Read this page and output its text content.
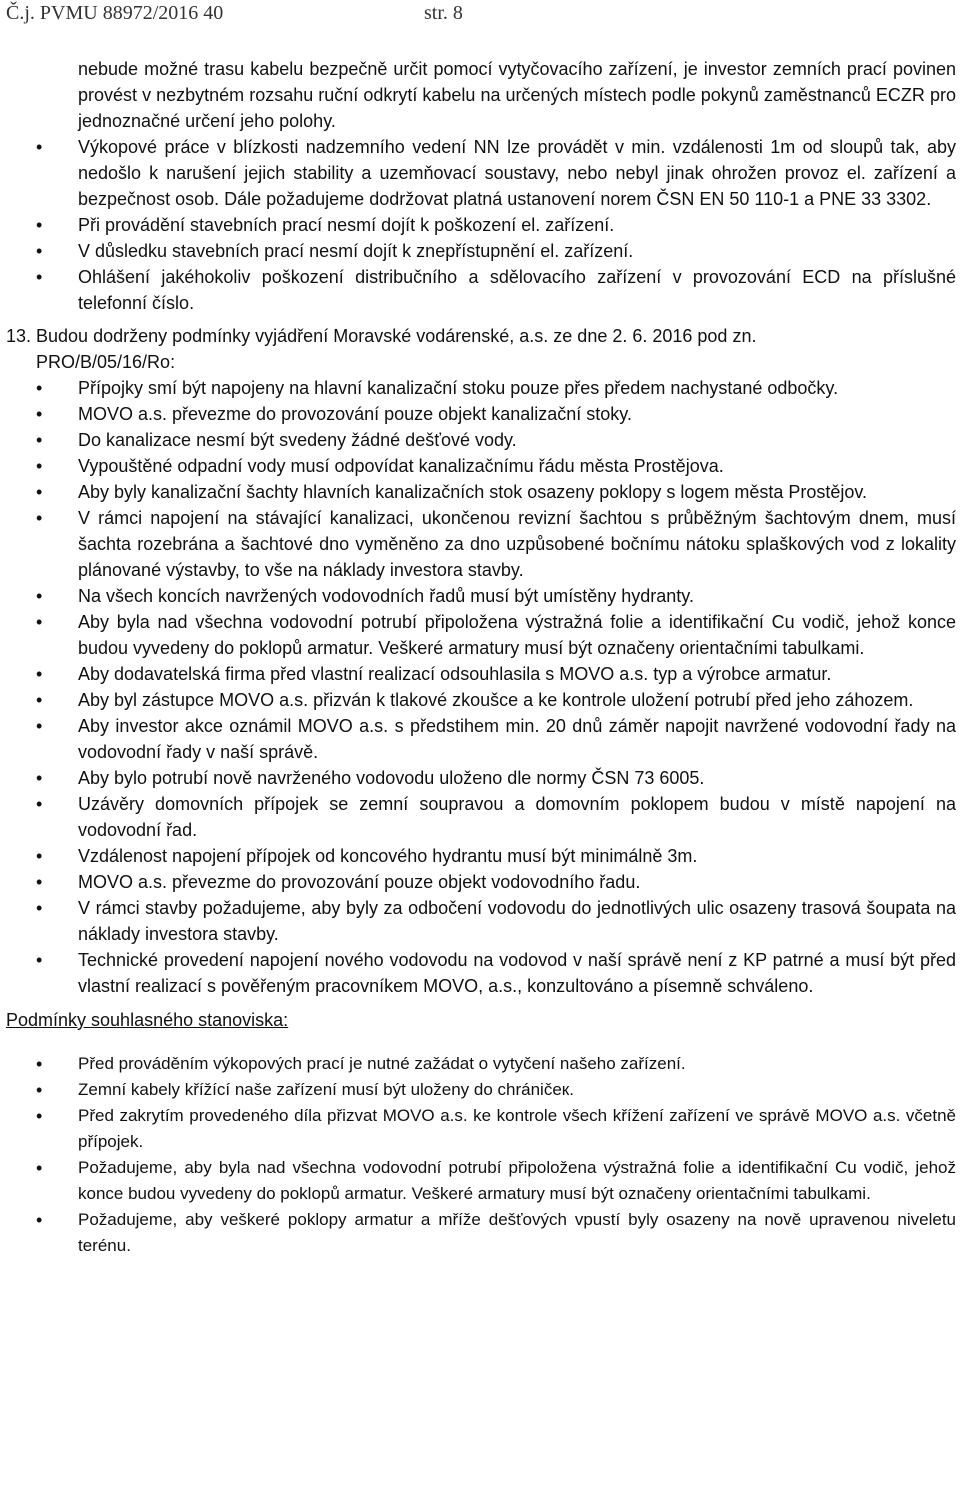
Č.j. PVMU 88972/2016 40	str. 8

nebude možné trasu kabelu bezpečně určit pomocí vytyčovacího zařízení, je investor zemních prací povinen provést v nezbytném rozsahu ruční odkrytí kabelu na určených místech podle pokynů zaměstnanců ECZR pro jednoznačné určení jeho polohy.

• Výkopové práce v blízkosti nadzemního vedení NN lze provádět v min. vzdálenosti 1m od sloupů tak, aby nedošlo k narušení jejich stability a uzemňovací soustavy, nebo nebyl jinak ohrožen provoz el. zařízení a bezpečnost osob. Dále požadujeme dodržovat platná ustanovení norem ČSN EN 50 110-1 a PNE 33 3302.
• Při provádění stavebních prací nesmí dojít k poškození el. zařízení.
• V důsledku stavebních prací nesmí dojít k znepřístupnění el. zařízení.
• Ohlášení jakéhokoliv poškození distribučního a sdělovacího zařízení v provozování ECD na příslušné telefonní číslo.

13. Budou dodrženy podmínky vyjádření Moravské vodárenské, a.s. ze dne 2. 6. 2016 pod zn.

PRO/B/05/16/Ro:

• Přípojky smí být napojeny na hlavní kanalizační stoku pouze přes předem nachystané odbočky.
• MOVO a.s. převezme do provozování pouze objekt kanalizační stoky.
• Do kanalizace nesmí být svedeny žádné dešťové vody.
• Vypouštěné odpadní vody musí odpovídat kanalizačnímu řádu města Prostějova.
• Aby byly kanalizační šachty hlavních kanalizačních stok osazeny poklopy s logem města Prostějov.
• V rámci napojení na stávající kanalizaci, ukončenou revizní šachtou s průběžným šachtovým dnem, musí šachta rozebrána a šachtové dno vyměněno za dno uzpůsobené bočnímu nátoku splaškových vod z lokality plánované výstavby, to vše na náklady investora stavby.
• Na všech koncích navržených vodovodních řadů musí být umístěny hydranty.
• Aby byla nad všechna vodovodní potrubí připoložena výstražná folie a identifikační Cu vodič, jehož konce budou vyvedeny do poklopů armatur. Veškeré armatury musí být označeny orientačními tabulkami.
• Aby dodavatelská firma před vlastní realizací odsouhlasila s MOVO a.s. typ a výrobce armatur.
• Aby byl zástupce MOVO a.s. přizván k tlakové zkoušce a ke kontrole uložení potrubí před jeho záhozem.
• Aby investor akce oznámil MOVO a.s. s předstihem min. 20 dnů záměr napojit navržené vodovodní řady na vodovodní řady v naší správě.
• Aby bylo potrubí nově navrženého vodovodu uloženo dle normy ČSN 73 6005.
• Uzávěry domovních přípojek se zemní soupravou a domovním poklopem budou v místě napojení na vodovodní řad.
• Vzdálenost napojení přípojek od koncového hydrantu musí být minimálně 3m.
• MOVO a.s. převezme do provozování pouze objekt vodovodního řadu.
• V rámci stavby požadujeme, aby byly za odbočení vodovodu do jednotlivých ulic osazeny trasová šoupata na náklady investora stavby.
• Technické provedení napojení nového vodovodu na vodovod v naší správě není z KP patrné a musí být před vlastní realizací s pověřeným pracovníkem MOVO, a.s., konzultováno a písemně schváleno.

Podmínky souhlasného stanoviska:

• Před prováděním výkopových prací je nutné zažádat o vytyčení našeho zařízení.
• Zemní kabely křížící naše zařízení musí být uloženy do chráničeк.
• Před zakrytím provedeného díla přizvat MOVO a.s. ke kontrole všech křížení zařízení ve správě MOVO a.s. včetně přípojek.
• Požadujeme, aby byla nad všechna vodovodní potrubí připoložena výstražná folie a identifikační Cu vodič, jehož konce budou vyvedeny do poklopů armatur. Veškeré armatury musí být označeny orientačními tabulkami.
• Požadujeme, aby veškeré poklopy armatur a mříže dešťových vpustí byly osazeny na nově upravenou niveletu terénu.
